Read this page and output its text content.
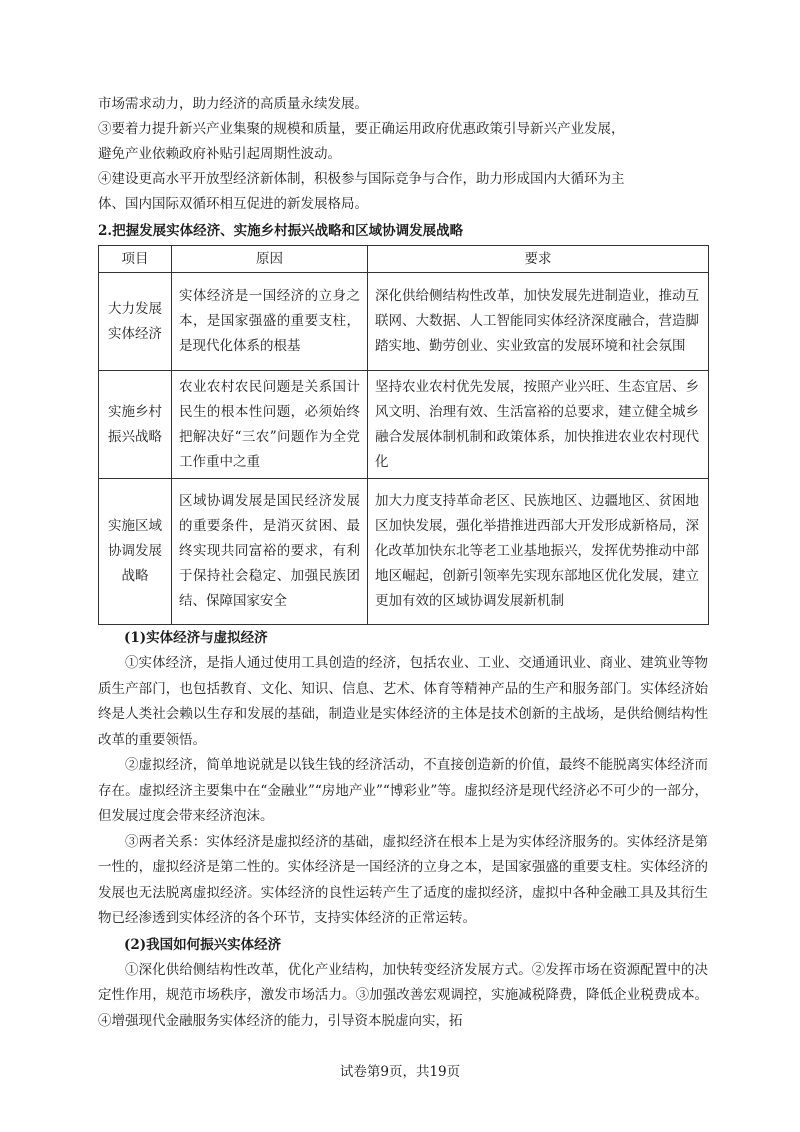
市场需求动力，助力经济的高质量永续发展。

③要着力提升新兴产业集聚的规模和质量，要正确运用政府优惠政策引导新兴产业发展，

避免产业依赖政府补贴引起周期性波动。

④建设更高水平开放型经济新体制，积极参与国际竞争与合作，助力形成国内大循环为主

体、国内国际双循环相互促进的新发展格局。

2.把握发展实体经济、实施乡村振兴战略和区域协调发展战略
项目	原因	要求
大力发展实体经济	实体经济是一国经济的立身之本，是国家强盛的重要支柱，是现代化体系的根基	深化供给侧结构性改革，加快发展先进制造业，推动互联网、大数据、人工智能同实体经济深度融合，营造脚踏实地、勤劳创业、实业致富的发展环境和社会氛围
实施乡村振兴战略	农业农村农民问题是关系国计民生的根本性问题，必须始终把解决好“三农”问题作为全党工作重中之重	坚持农业农村优先发展，按照产业兴旺、生态宜居、乡风文明、治理有效、生活富裕的总要求，建立健全城乡融合发展体制机制和政策体系，加快推进农业农村现代化
实施区域协调发展战略	区域协调发展是国民经济发展的重要条件，是消灭贫困、最终实现共同富裕的要求，有利于保持社会稳定、加强民族团结、保障国家安全	加大力度支持革命老区、民族地区、边疆地区、贫困地区加快发展，强化举措推进西部大开发形成新格局，深化改革加快东北等老工业基地振兴，发挥优势推动中部地区崛起，创新引领率先实现东部地区优化发展，建立更加有效的区域协调发展新机制
(1)实体经济与虚拟经济

①实体经济，是指人通过使用工具创造的经济，包括农业、工业、交通通讯业、商业、建筑业等物质生产部门，也包括教育、文化、知识、信息、艺术、体育等精神产品的生产和服务部门。实体经济始终是人类社会赖以生存和发展的基础，制造业是实体经济的主体是技术创新的主战场，是供给侧结构性改革的重要领悟。

②虚拟经济，简单地说就是以钱生钱的经济活动，不直接创造新的价值，最终不能脱离实体经济而存在。虚拟经济主要集中在“金融业”“房地产业”“博彩业”等。虚拟经济是现代经济必不可少的一部分，但发展过度会带来经济泡沫。

③两者关系：实体经济是虚拟经济的基础，虚拟经济在根本上是为实体经济服务的。实体经济是第一性的，虚拟经济是第二性的。实体经济是一国经济的立身之本，是国家强盛的重要支柱。实体经济的发展也无法脱离虚拟经济。实体经济的良性运转产生了适度的虚拟经济，虚拟中各种金融工具及其衍生物已经渗透到实体经济的各个环节，支持实体经济的正常运转。

(2)我国如何振兴实体经济

①深化供给侧结构性改革，优化产业结构，加快转变经济发展方式。②发挥市场在资源配置中的决定性作用，规范市场秩序，激发市场活力。③加强改善宏观调控，实施减税降费，降低企业税费成本。④增强现代金融服务实体经济的能力，引导资本脱虚向实，拓

试卷第9页，共19页
